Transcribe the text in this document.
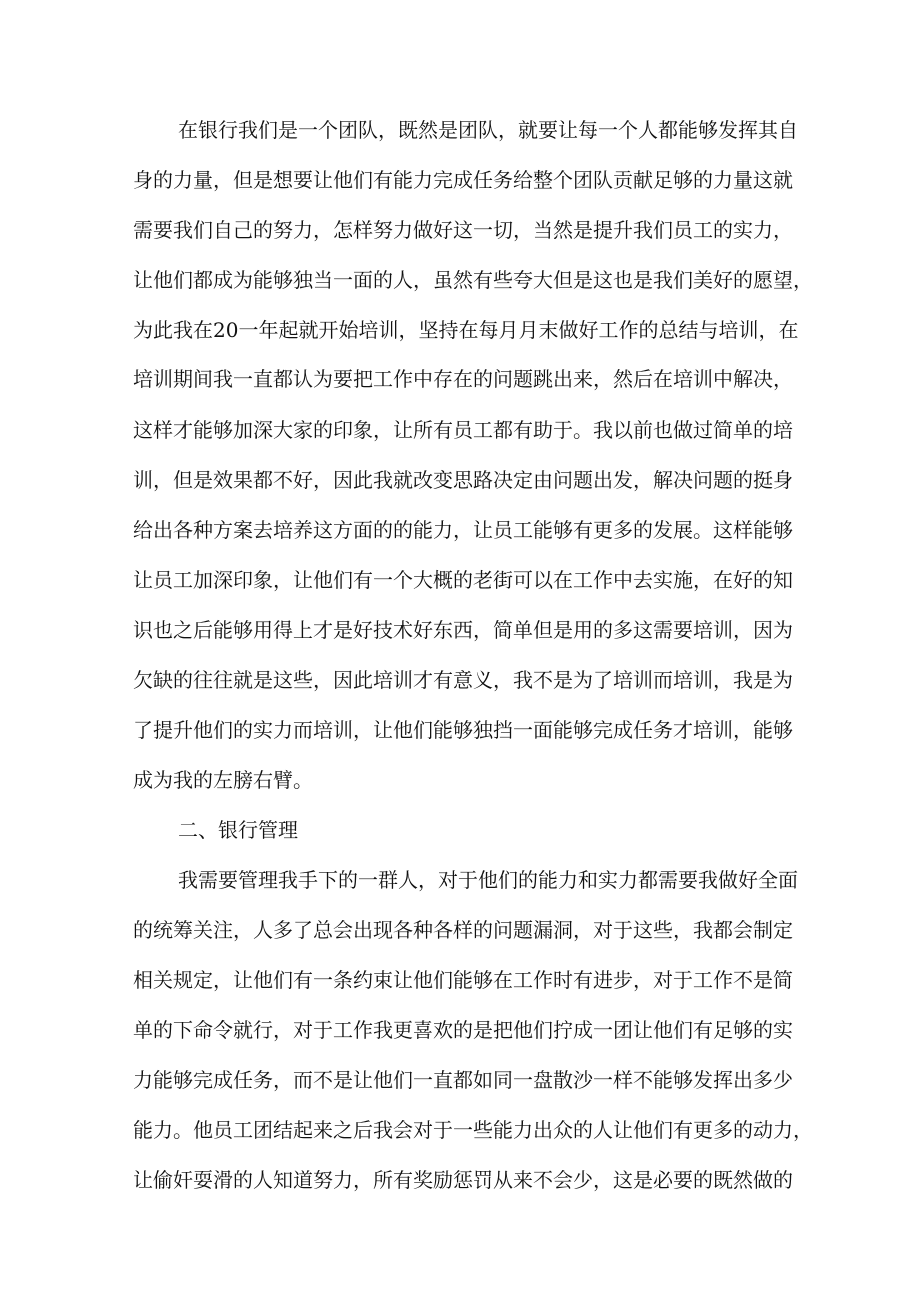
在银行我们是一个团队，既然是团队，就要让每一个人都能够发挥其自
身的力量，但是想要让他们有能力完成任务给整个团队贡献足够的力量这就
需要我们自己的努力，怎样努力做好这一切，当然是提升我们员工的实力，
让他们都成为能够独当一面的人，虽然有些夸大但是这也是我们美好的愿望，
为此我在20一年起就开始培训，坚持在每月月末做好工作的总结与培训，在
培训期间我一直都认为要把工作中存在的问题跳出来，然后在培训中解决，
这样才能够加深大家的印象，让所有员工都有助于。我以前也做过简单的培
训，但是效果都不好，因此我就改变思路决定由问题出发，解决问题的挺身
给出各种方案去培养这方面的的能力，让员工能够有更多的发展。这样能够
让员工加深印象，让他们有一个大概的老街可以在工作中去实施，在好的知
识也之后能够用得上才是好技术好东西，简单但是用的多这需要培训，因为
欠缺的往往就是这些，因此培训才有意义，我不是为了培训而培训，我是为
了提升他们的实力而培训，让他们能够独挡一面能够完成任务才培训，能够
成为我的左膀右臂。
二、银行管理
我需要管理我手下的一群人，对于他们的能力和实力都需要我做好全面
的统筹关注，人多了总会出现各种各样的问题漏洞，对于这些，我都会制定
相关规定，让他们有一条约束让他们能够在工作时有进步，对于工作不是简
单的下命令就行，对于工作我更喜欢的是把他们拧成一团让他们有足够的实
力能够完成任务，而不是让他们一直都如同一盘散沙一样不能够发挥出多少
能力。他员工团结起来之后我会对于一些能力出众的人让他们有更多的动力，
让偷奸耍滑的人知道努力，所有奖励惩罚从来不会少，这是必要的既然做的
